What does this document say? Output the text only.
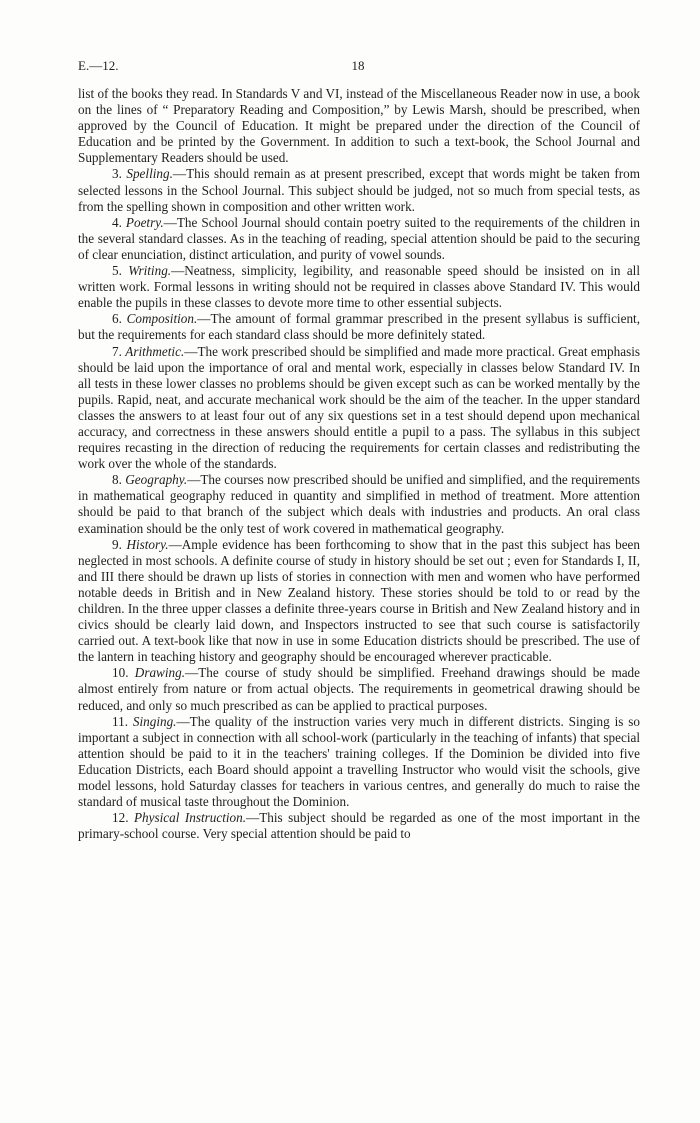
E.—12.	18

list of the books they read. In Standards V and VI, instead of the Miscellaneous Reader now in use, a book on the lines of “ Preparatory Reading and Composition,” by Lewis Marsh, should be prescribed, when approved by the Council of Education. It might be prepared under the direction of the Council of Education and be printed by the Government. In addition to such a text-book, the School Journal and Supplementary Readers should be used.

3. Spelling.—This should remain as at present prescribed, except that words might be taken from selected lessons in the School Journal. This subject should be judged, not so much from special tests, as from the spelling shown in composition and other written work.

4. Poetry.—The School Journal should contain poetry suited to the requirements of the children in the several standard classes. As in the teaching of reading, special attention should be paid to the securing of clear enunciation, distinct articulation, and purity of vowel sounds.

5. Writing.—Neatness, simplicity, legibility, and reasonable speed should be insisted on in all written work. Formal lessons in writing should not be required in classes above Standard IV. This would enable the pupils in these classes to devote more time to other essential subjects.

6. Composition.—The amount of formal grammar prescribed in the present syllabus is sufficient, but the requirements for each standard class should be more definitely stated.

7. Arithmetic.—The work prescribed should be simplified and made more practical. Great emphasis should be laid upon the importance of oral and mental work, especially in classes below Standard IV. In all tests in these lower classes no problems should be given except such as can be worked mentally by the pupils. Rapid, neat, and accurate mechanical work should be the aim of the teacher. In the upper standard classes the answers to at least four out of any six questions set in a test should depend upon mechanical accuracy, and correctness in these answers should entitle a pupil to a pass. The syllabus in this subject requires recasting in the direction of reducing the requirements for certain classes and redistributing the work over the whole of the standards.

8. Geography.—The courses now prescribed should be unified and simplified, and the requirements in mathematical geography reduced in quantity and simplified in method of treatment. More attention should be paid to that branch of the subject which deals with industries and products. An oral class examination should be the only test of work covered in mathematical geography.

9. History.—Ample evidence has been forthcoming to show that in the past this subject has been neglected in most schools. A definite course of study in history should be set out ; even for Standards I, II, and III there should be drawn up lists of stories in connection with men and women who have performed notable deeds in British and in New Zealand history. These stories should be told to or read by the children. In the three upper classes a definite three-years course in British and New Zealand history and in civics should be clearly laid down, and Inspectors instructed to see that such course is satisfactorily carried out. A text-book like that now in use in some Education districts should be prescribed. The use of the lantern in teaching history and geography should be encouraged wherever practicable.

10. Drawing.—The course of study should be simplified. Freehand drawings should be made almost entirely from nature or from actual objects. The requirements in geometrical drawing should be reduced, and only so much prescribed as can be applied to practical purposes.

11. Singing.—The quality of the instruction varies very much in different districts. Singing is so important a subject in connection with all school-work (particularly in the teaching of infants) that special attention should be paid to it in the teachers' training colleges. If the Dominion be divided into five Education Districts, each Board should appoint a travelling Instructor who would visit the schools, give model lessons, hold Saturday classes for teachers in various centres, and generally do much to raise the standard of musical taste throughout the Dominion.

12. Physical Instruction.—This subject should be regarded as one of the most important in the primary-school course. Very special attention should be paid to
